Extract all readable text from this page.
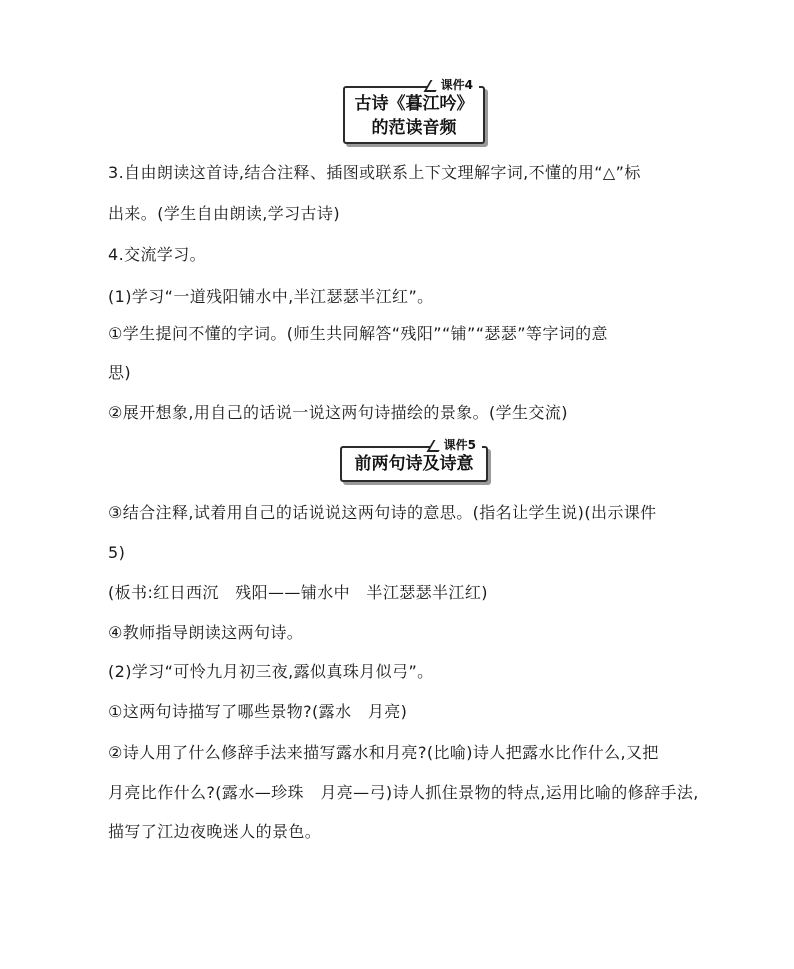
课件4
古诗《暮江吟》
的范读音频
3.自由朗读这首诗,结合注释、插图或联系上下文理解字词,不懂的用“△”标
出来。(学生自由朗读,学习古诗)
4.交流学习。
(1)学习“一道残阳铺水中,半江瑟瑟半江红”。
①学生提问不懂的字词。(师生共同解答“残阳”“铺”“瑟瑟”等字词的意
思)
②展开想象,用自己的话说一说这两句诗描绘的景象。(学生交流)
课件5
前两句诗及诗意
③结合注释,试着用自己的话说说这两句诗的意思。(指名让学生说)(出示课件
5)
(板书:红日西沉　残阳——铺水中　半江瑟瑟半江红)
④教师指导朗读这两句诗。
(2)学习“可怜九月初三夜,露似真珠月似弓”。
①这两句诗描写了哪些景物?(露水　月亮)
②诗人用了什么修辞手法来描写露水和月亮?(比喻)诗人把露水比作什么,又把
月亮比作什么?(露水—珍珠　月亮—弓)诗人抓住景物的特点,运用比喻的修辞手法,
描写了江边夜晚迷人的景色。
